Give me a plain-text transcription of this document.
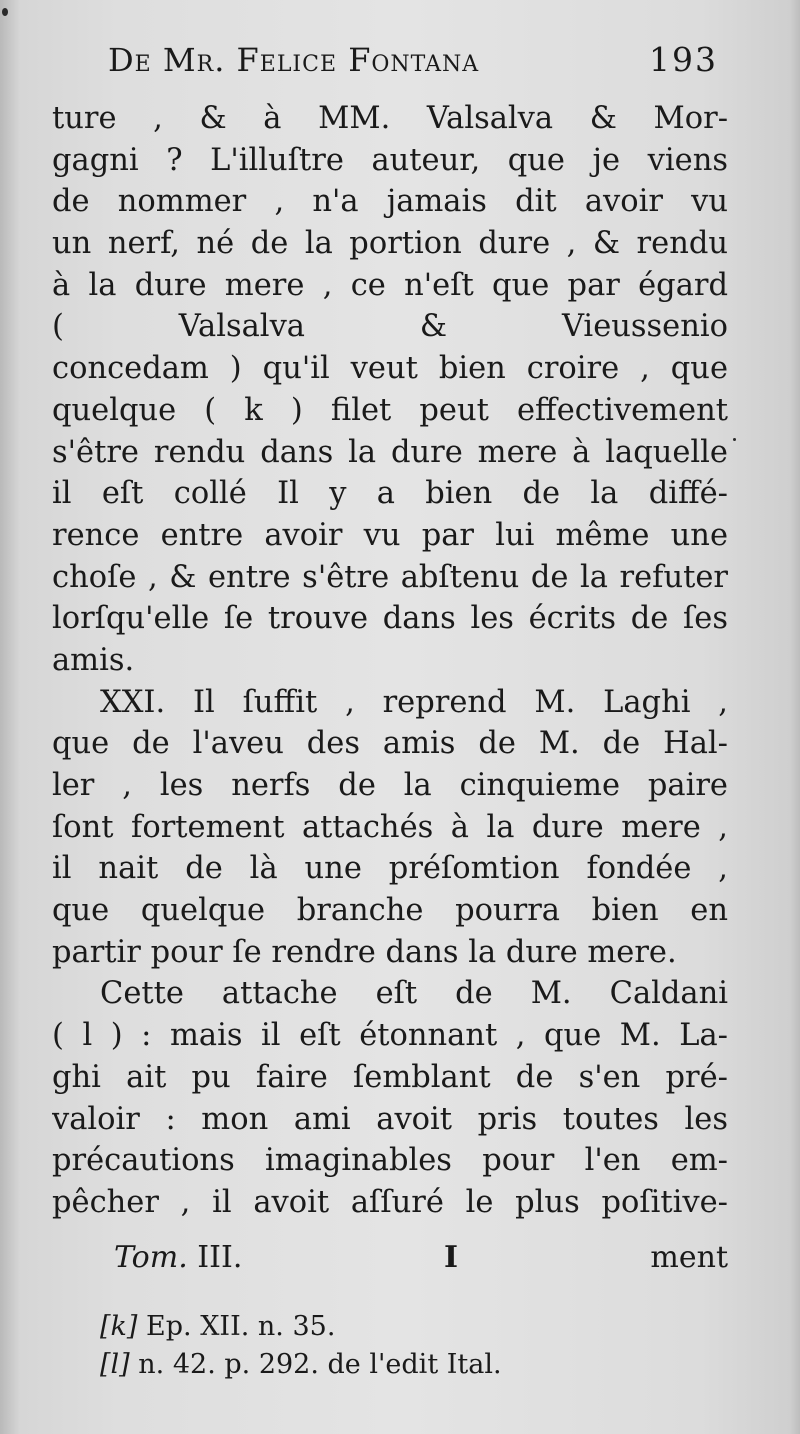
De Mr. Felice Fontana	193
ture , & à MM. Valsalva & Mor-
gagni ? L'illuſtre auteur, que je viens
de nommer , n'a jamais dit avoir vu
un nerf, né de la portion dure , & rendu
à la dure mere , ce n'eſt que par égard
( Valsalva & Vieussenio
concedam ) qu'il veut bien croire , que
quelque ( k ) filet peut effectivement
s'être rendu dans la dure mere à laquelle
il eſt collé Il y a bien de la diffé-
rence entre avoir vu par lui même une
choſe , & entre s'être abſtenu de la refuter
lorſqu'elle ſe trouve dans les écrits de ſes
amis.
XXI. Il ſuffit , reprend M. Laghi ,
que de l'aveu des amis de M. de Hal-
ler , les nerfs de la cinquieme paire
ſont fortement attachés à la dure mere ,
il nait de là une préſomtion fondée ,
que quelque branche pourra bien en
partir pour ſe rendre dans la dure mere.
Cette attache eſt de M. Caldani
( l ) : mais il eſt étonnant , que M. La-
ghi ait pu faire ſemblant de s'en pré-
valoir : mon ami avoit pris toutes les
précautions imaginables pour l'en em-
pêcher , il avoit aſſuré le plus poſitive-
Tom. III.	I	ment
[k] Ep. XII. n. 35.
[l] n. 42. p. 292. de l'edit Ital.
